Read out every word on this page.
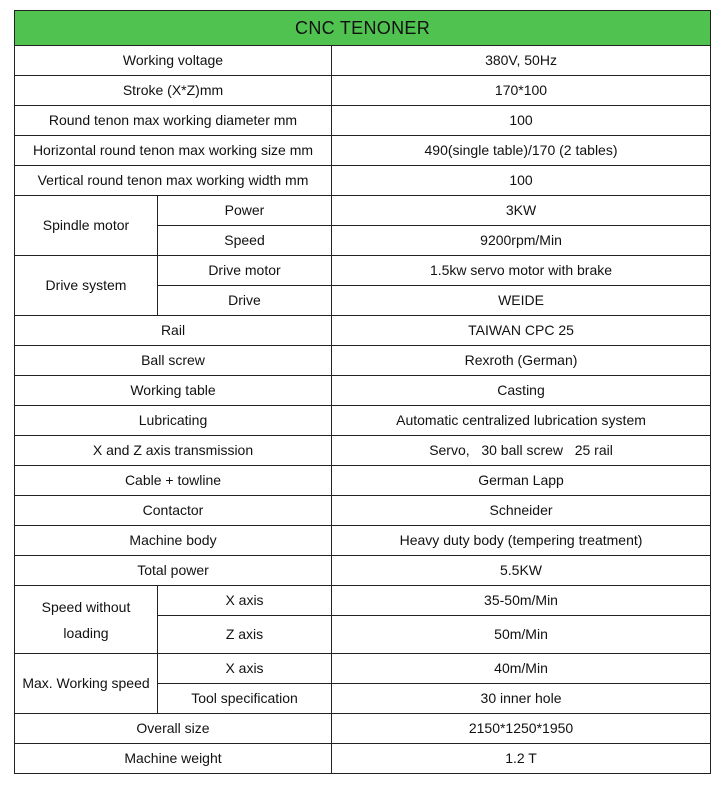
CNC TENONER		
Working voltage		380V, 50Hz
Stroke (X*Z)mm		170*100
Round tenon max working diameter mm		100
Horizontal round tenon max working size mm		490(single table)/170 (2 tables)
Vertical round tenon max working width mm		100
Spindle motor	Power	3KW
	Speed	9200rpm/Min
Drive system	Drive motor	1.5kw servo motor with brake
	Drive	WEIDE
Rail		TAIWAN CPC 25
Ball screw		Rexroth (German)
Working table		Casting
Lubricating		Automatic centralized lubrication system
X and Z axis transmission		Servo,   30 ball screw   25 rail
Cable + towline		German Lapp
Contactor		Schneider
Machine body		Heavy duty body (tempering treatment)
Total power		5.5KW

Speed without
loading	X axis	35-50m/Min
	Z axis	50m/Min
Max. Working speed	X axis	40m/Min
	Tool specification	30 inner hole
Overall size		2150*1250*1950
Machine weight		1.2 T
